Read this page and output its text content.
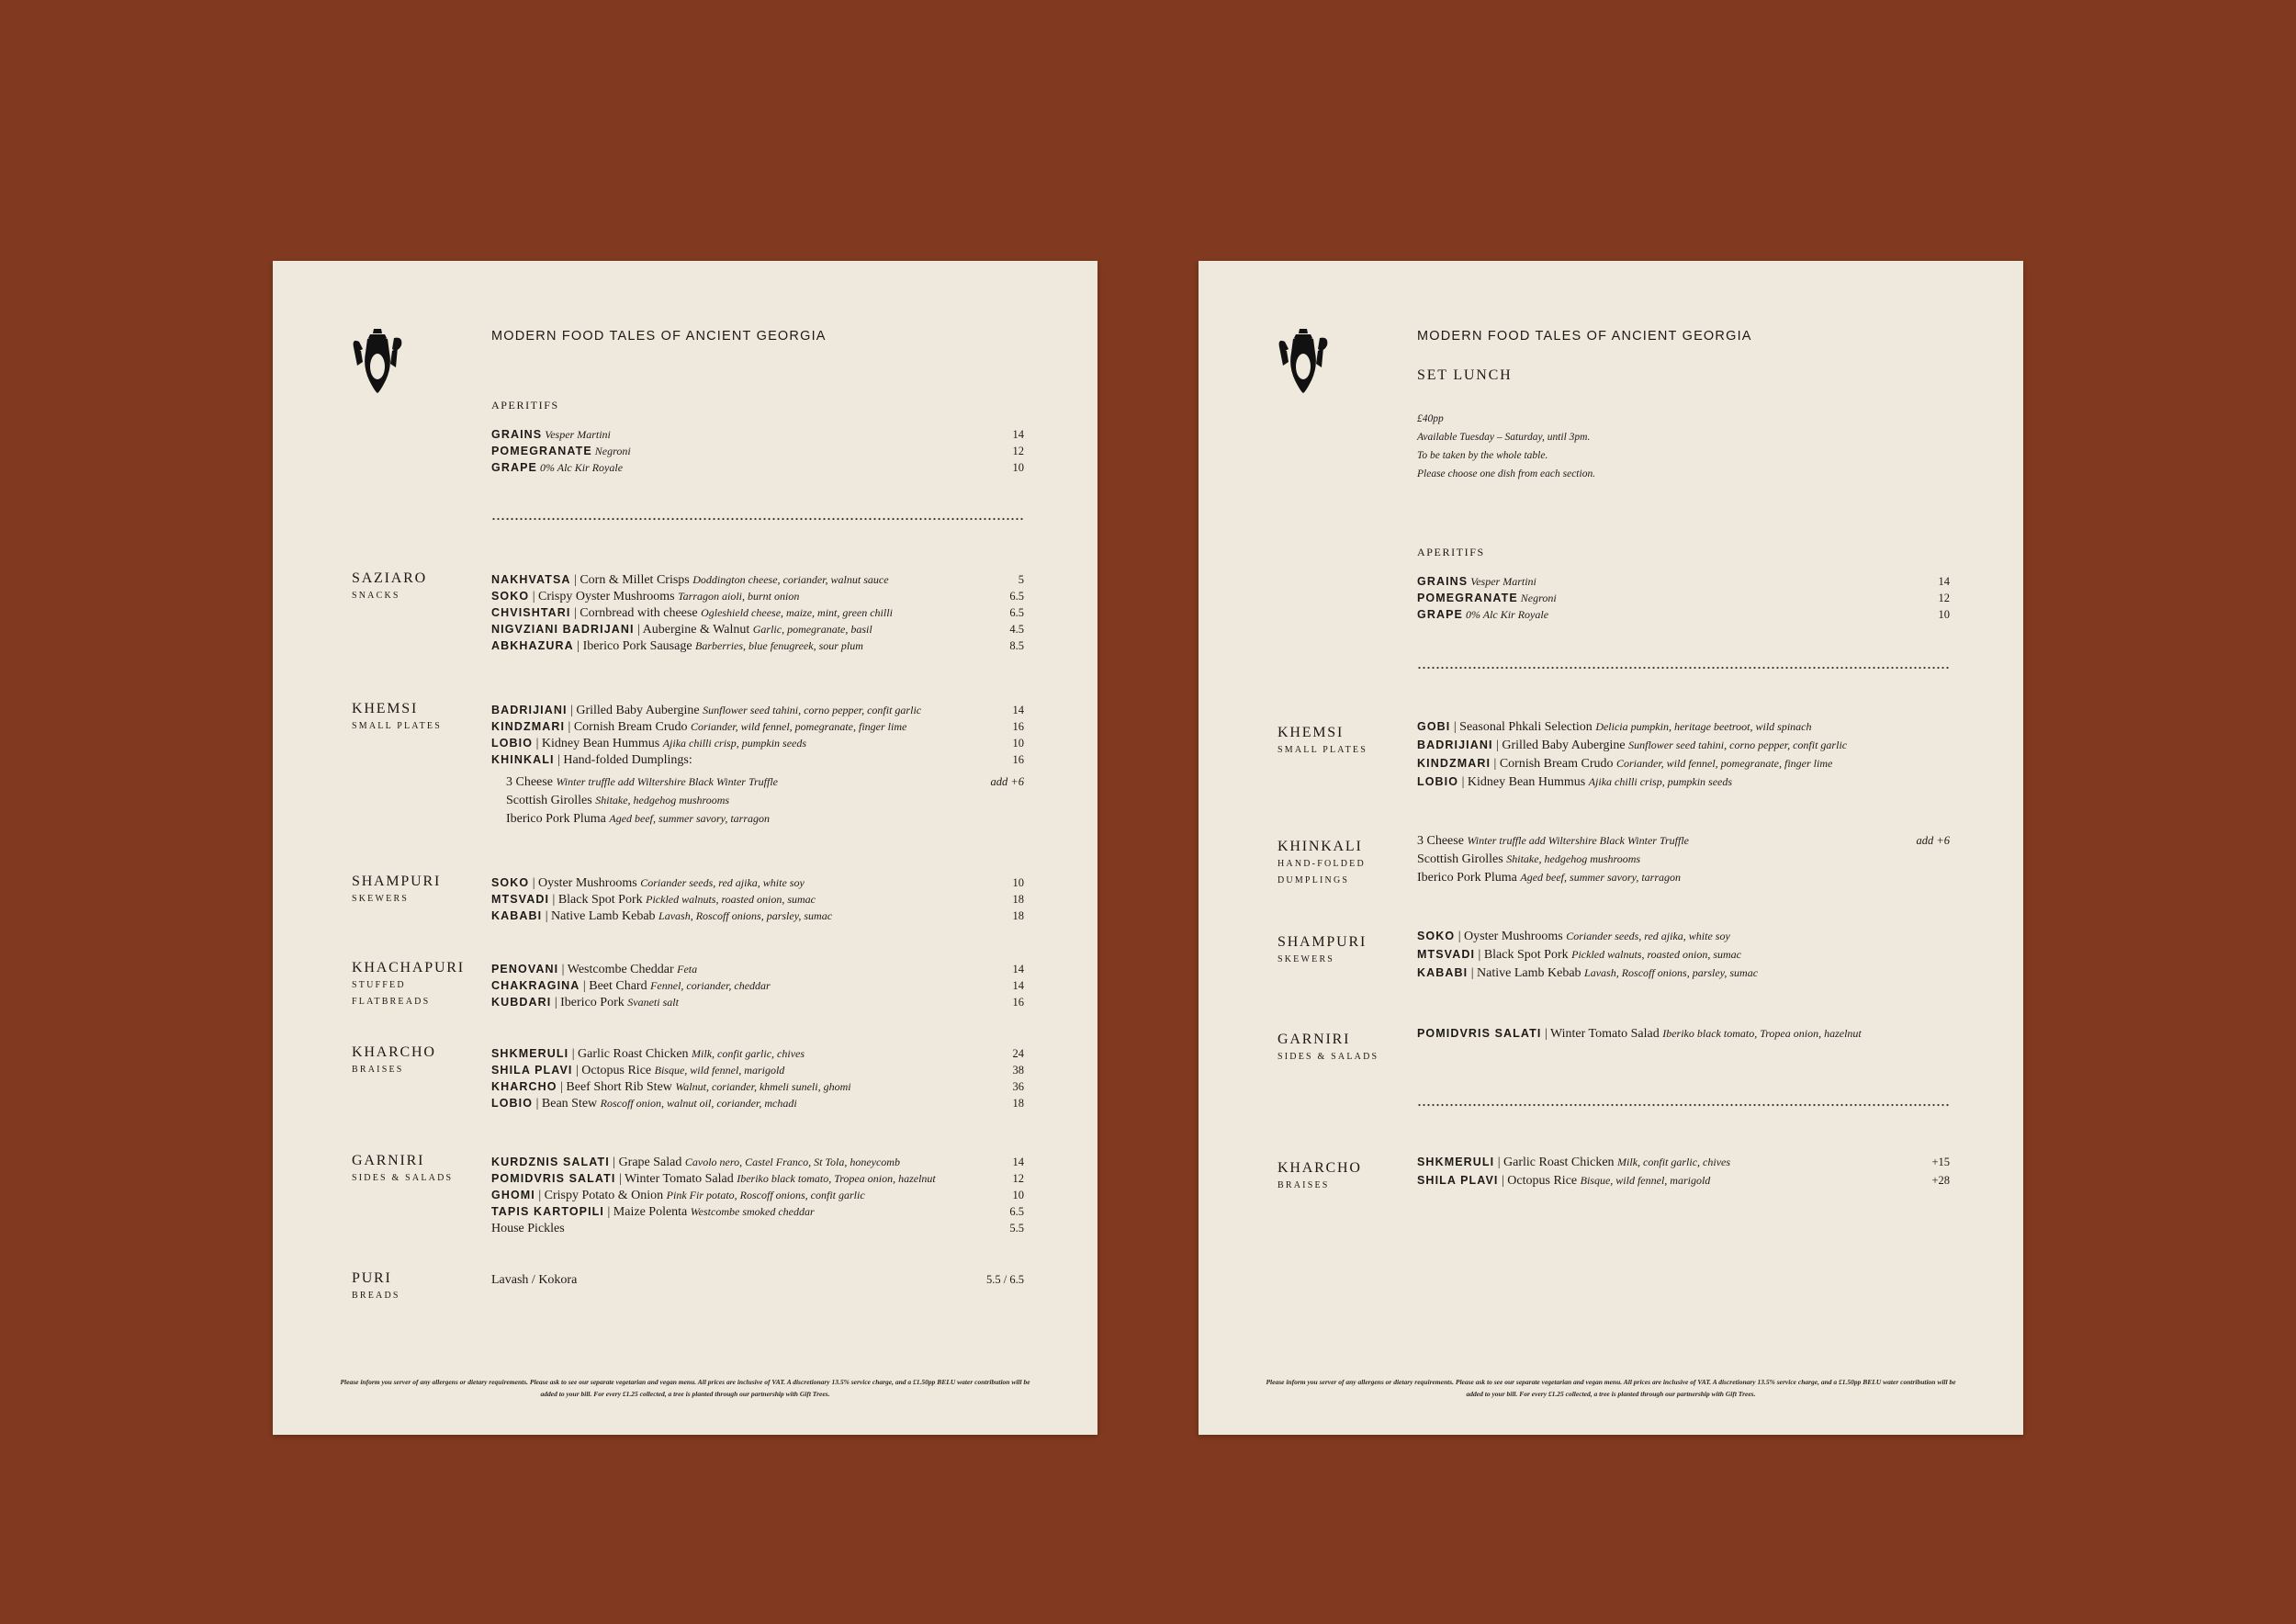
MODERN FOOD TALES OF ANCIENT GEORGIA
APERITIFS
GRAINS Vesper Martini	14
POMEGRANATE Negroni	12
GRAPE 0% Alc Kir Royale	10
SAZIARO
SNACKS
NAKHVATSA | Corn & Millet Crisps Doddington cheese, coriander, walnut sauce	5
SOKO | Crispy Oyster Mushrooms Tarragon aioli, burnt onion	6.5
CHVISHTARI | Cornbread with cheese Ogleshield cheese, maize, mint, green chilli	6.5
NIGVZIANI BADRIJANI | Aubergine & Walnut Garlic, pomegranate, basil	4.5
ABKHAZURA | Iberico Pork Sausage Barberries, blue fenugreek, sour plum	8.5
KHEMSI
SMALL PLATES
BADRIJIANI | Grilled Baby Aubergine Sunflower seed tahini, corno pepper, confit garlic	14
KINDZMARI | Cornish Bream Crudo Coriander, wild fennel, pomegranate, finger lime	16
LOBIO | Kidney Bean Hummus Ajika chilli crisp, pumpkin seeds	10
KHINKALI | Hand-folded Dumplings:	16
3 Cheese Winter truffle add Wiltershire Black Winter Truffle	add +6
Scottish Girolles Shitake, hedgehog mushrooms
Iberico Pork Pluma Aged beef, summer savory, tarragon
SHAMPURI
SKEWERS
SOKO | Oyster Mushrooms Coriander seeds, red ajika, white soy	10
MTSVADI | Black Spot Pork Pickled walnuts, roasted onion, sumac	18
KABABI | Native Lamb Kebab Lavash, Roscoff onions, parsley, sumac	18
KHACHAPURI
STUFFED
FLATBREADS
PENOVANI | Westcombe Cheddar Feta	14
CHAKRAGINA | Beet Chard Fennel, coriander, cheddar	14
KUBDARI | Iberico Pork Svaneti salt	16
KHARCHO
BRAISES
SHKMERULI | Garlic Roast Chicken Milk, confit garlic, chives	24
SHILA PLAVI | Octopus Rice Bisque, wild fennel, marigold	38
KHARCHO | Beef Short Rib Stew Walnut, coriander, khmeli suneli, ghomi	36
LOBIO | Bean Stew Roscoff onion, walnut oil, coriander, mchadi	18
GARNIRI
SIDES & SALADS
KURDZNIS SALATI | Grape Salad Cavolo nero, Castel Franco, St Tola, honeycomb	14
POMIDVRIS SALATI | Winter Tomato Salad Iberiko black tomato, Tropea onion, hazelnut	12
GHOMI | Crispy Potato & Onion Pink Fir potato, Roscoff onions, confit garlic	10
TAPIS KARTOPILI | Maize Polenta Westcombe smoked cheddar	6.5
House Pickles	5.5
PURI
BREADS
Lavash / Kokora	5.5 / 6.5
Please inform you server of any allergens or dietary requirements. Please ask to see our separate vegetarian and vegan menu. All prices are inclusive of VAT. A discretionary 13.5% service charge, and a £1.50pp BELU water contribution will be added to your bill. For every £1.25 collected, a tree is planted through our partnership with Gift Trees.
MODERN FOOD TALES OF ANCIENT GEORGIA
SET LUNCH
£40pp
Available Tuesday – Saturday, until 3pm.
To be taken by the whole table.
Please choose one dish from each section.
APERITIFS
GRAINS Vesper Martini	14
POMEGRANATE Negroni	12
GRAPE 0% Alc Kir Royale	10
KHEMSI
SMALL PLATES
GOBI | Seasonal Phkali Selection Delicia pumpkin, heritage beetroot, wild spinach
BADRIJIANI | Grilled Baby Aubergine Sunflower seed tahini, corno pepper, confit garlic
KINDZMARI | Cornish Bream Crudo Coriander, wild fennel, pomegranate, finger lime
LOBIO | Kidney Bean Hummus Ajika chilli crisp, pumpkin seeds
KHINKALI
HAND-FOLDED
DUMPLINGS
3 Cheese Winter truffle add Wiltershire Black Winter Truffle	add +6
Scottish Girolles Shitake, hedgehog mushrooms
Iberico Pork Pluma Aged beef, summer savory, tarragon
SHAMPURI
SKEWERS
SOKO | Oyster Mushrooms Coriander seeds, red ajika, white soy
MTSVADI | Black Spot Pork Pickled walnuts, roasted onion, sumac
KABABI | Native Lamb Kebab Lavash, Roscoff onions, parsley, sumac
GARNIRI
SIDES & SALADS
POMIDVRIS SALATI | Winter Tomato Salad Iberiko black tomato, Tropea onion, hazelnut
KHARCHO
BRAISES
SHKMERULI | Garlic Roast Chicken Milk, confit garlic, chives	+15
SHILA PLAVI | Octopus Rice Bisque, wild fennel, marigold	+28
Please inform you server of any allergens or dietary requirements. Please ask to see our separate vegetarian and vegan menu. All prices are inclusive of VAT. A discretionary 13.5% service charge, and a £1.50pp BELU water contribution will be added to your bill. For every £1.25 collected, a tree is planted through our partnership with Gift Trees.
